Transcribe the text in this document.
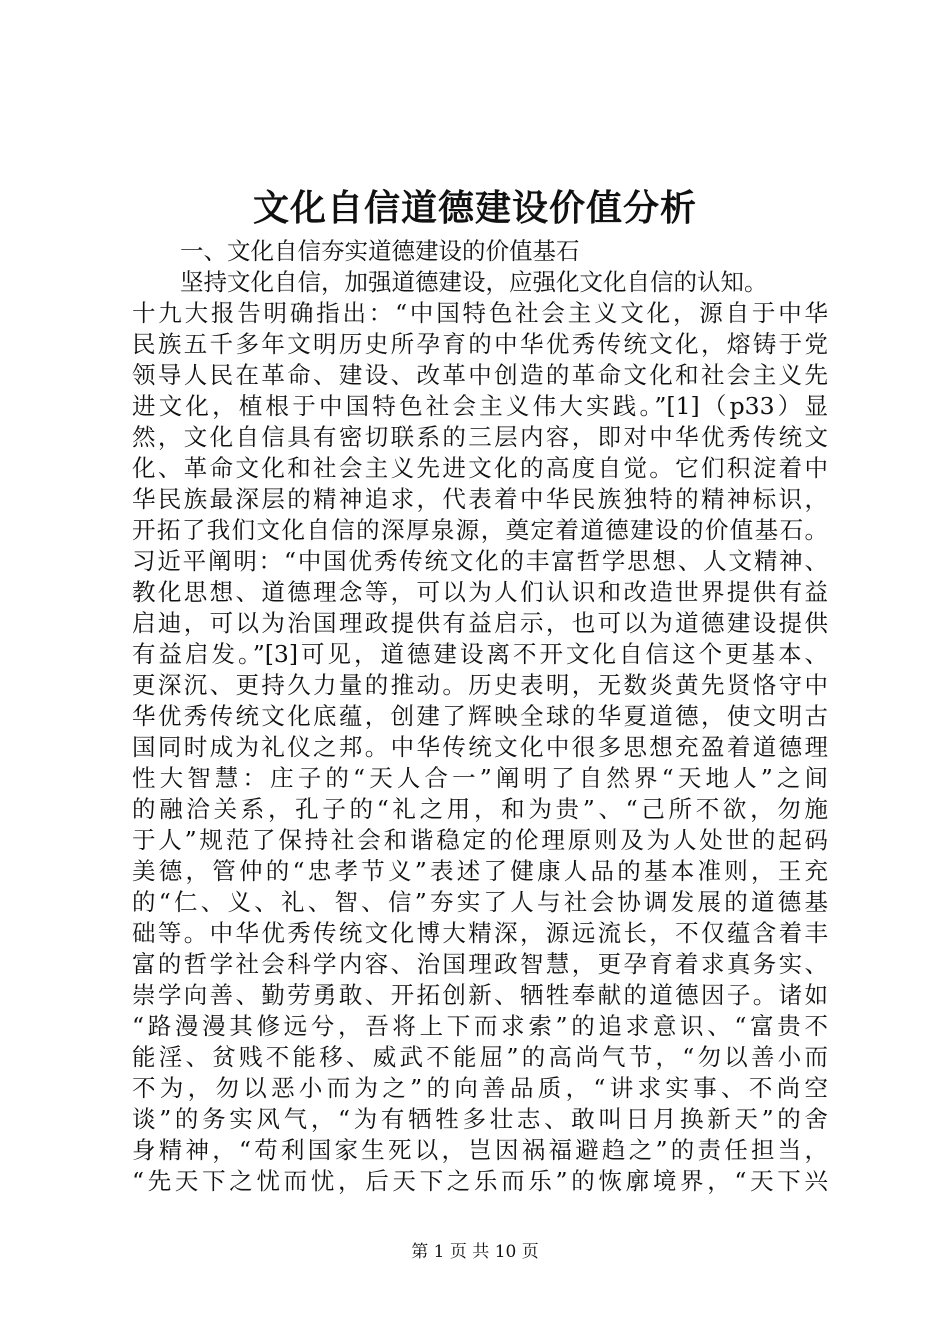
文化自信道德建设价值分析
一、文化自信夯实道德建设的价值基石
坚持文化自信，加强道德建设，应强化文化自信的认知。
十九大报告明确指出：“中国特色社会主义文化，源自于中华
民族五千多年文明历史所孕育的中华优秀传统文化，熔铸于党
领导人民在革命、建设、改革中创造的革命文化和社会主义先
进文化，植根于中国特色社会主义伟大实践。”[1]（p33）显
然，文化自信具有密切联系的三层内容，即对中华优秀传统文
化、革命文化和社会主义先进文化的高度自觉。它们积淀着中
华民族最深层的精神追求，代表着中华民族独特的精神标识，
开拓了我们文化自信的深厚泉源，奠定着道德建设的价值基石。
习近平阐明：“中国优秀传统文化的丰富哲学思想、人文精神、
教化思想、道德理念等，可以为人们认识和改造世界提供有益
启迪，可以为治国理政提供有益启示，也可以为道德建设提供
有益启发。”[3]可见，道德建设离不开文化自信这个更基本、
更深沉、更持久力量的推动。历史表明，无数炎黄先贤恪守中
华优秀传统文化底蕴，创建了辉映全球的华夏道德，使文明古
国同时成为礼仪之邦。中华传统文化中很多思想充盈着道德理
性大智慧：庄子的“天人合一”阐明了自然界“天地人”之间
的融洽关系，孔子的“礼之用，和为贵”、“己所不欲，勿施
于人”规范了保持社会和谐稳定的伦理原则及为人处世的起码
美德，管仲的“忠孝节义”表述了健康人品的基本准则，王充
的“仁、义、礼、智、信”夯实了人与社会协调发展的道德基
础等。中华优秀传统文化博大精深，源远流长，不仅蕴含着丰
富的哲学社会科学内容、治国理政智慧，更孕育着求真务实、
崇学向善、勤劳勇敢、开拓创新、牺牲奉献的道德因子。诸如
“路漫漫其修远兮，吾将上下而求索”的追求意识、“富贵不
能淫、贫贱不能移、威武不能屈”的高尚气节，“勿以善小而
不为，勿以恶小而为之”的向善品质，“讲求实事、不尚空
谈”的务实风气，“为有牺牲多壮志、敢叫日月换新天”的舍
身精神，“苟利国家生死以，岂因祸福避趋之”的责任担当，
“先天下之忧而忧，后天下之乐而乐”的恢廓境界，“天下兴
第 1 页 共 10 页
